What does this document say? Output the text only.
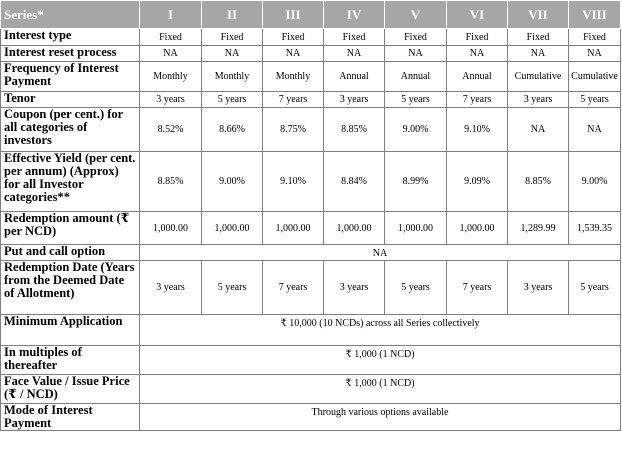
Series*	I	II	III	IV	V	VI	VII	VIII
Interest type	Fixed	Fixed	Fixed	Fixed	Fixed	Fixed	Fixed	Fixed

Interest reset process	NA	NA	NA	NA	NA	NA	NA	NA

Frequency of Interest Payment	Monthly	Monthly	Monthly	Annual	Annual	Annual	Cumulative	Cumulative

Tenor	3 years	5 years	7 years	3 years	5 years	7 years	3 years	5 years

Coupon (per cent.) for all categories of investors	8.52%	8.66%	8.75%	8.85%	9.00%	9.10%	NA	NA

Effective Yield (per cent. per annum) (Approx) for all Investor categories**	8.85%	9.00%	9.10%	8.84%	8.99%	9.09%	8.85%	9.00%

Redemption amount (₹ per NCD)	1,000.00	1,000.00	1,000.00	1,000.00	1,000.00	1,000.00	1,289.99	1,539.35

Put and call option	NA							
Redemption Date (Years from the Deemed Date of Allotment)	3 years	5 years	7 years	3 years	5 years	7 years	3 years	5 years

Minimum Application	₹ 10,000 (10 NCDs) across all Series collectively							
In multiples of thereafter	₹ 1,000 (1 NCD)							
Face Value / Issue Price (₹ / NCD)	₹ 1,000 (1 NCD)							
Mode of Interest Payment	Through various options available							
